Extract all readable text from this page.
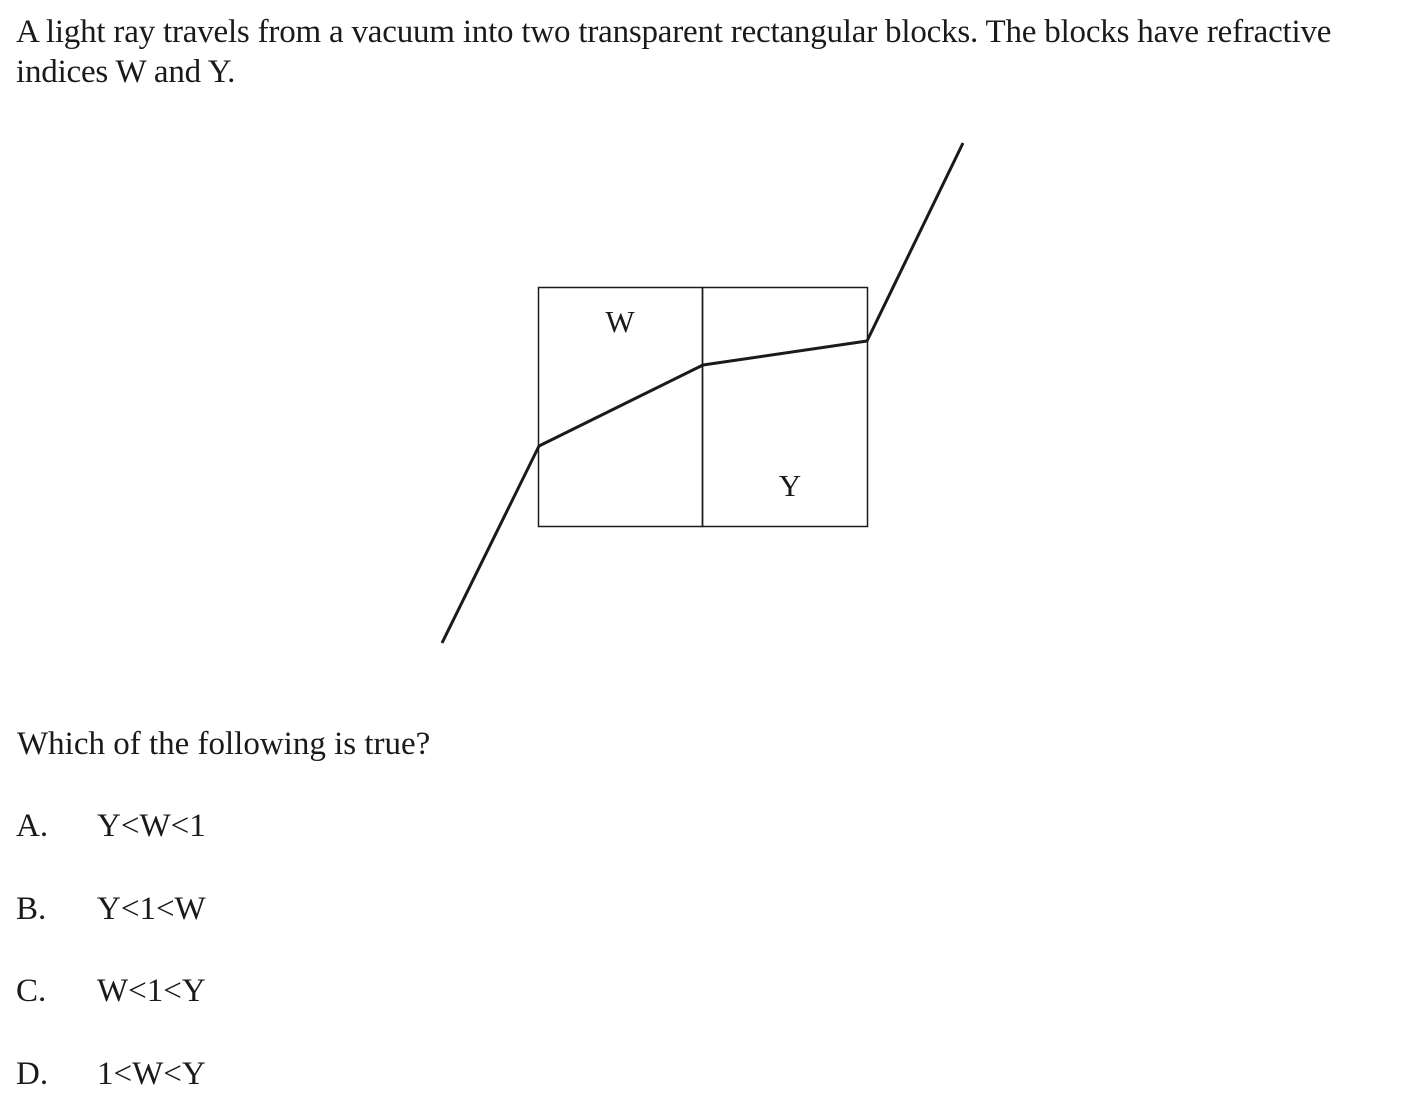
A light ray travels from a vacuum into two transparent rectangular blocks. The blocks have refractive indices W and Y.
W
Y
Which of the following is true?
A. Y<W<1
B. Y<1<W
C. W<1<Y
D. 1<W<Y
